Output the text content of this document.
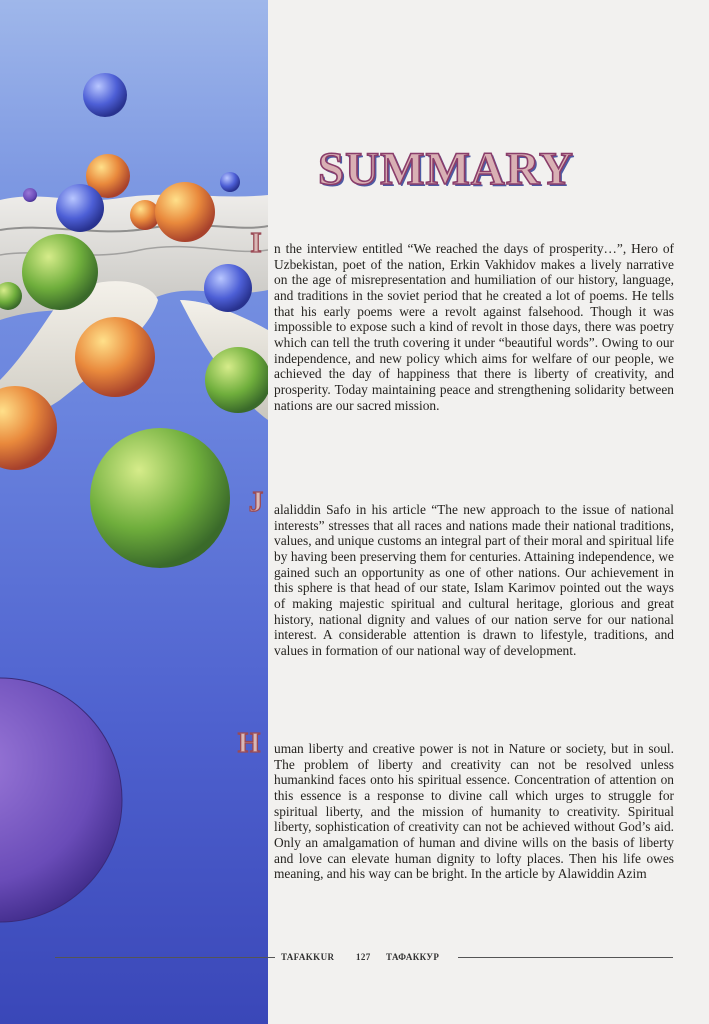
SUMMARY
I n the interview entitled “We reached the days of prosperity…”, Hero of Uzbekistan, poet of the nation, Erkin Vakhidov makes a lively narrative on the age of misrepresentation and humiliation of our history, language, and traditions in the soviet period that he created a lot of poems. He tells that his early poems were a revolt against falsehood. Though it was impossible to expose such a kind of revolt in those days, there was poetry which can tell the truth covering it under “beautiful words”. Owing to our independence, and new policy which aims for welfare of our people, we achieved the day of happiness that there is liberty of creativity, and prosperity. Today maintaining peace and strengthening solidarity between nations are our sacred mission.

J alaliddin Safo in his article “The new approach to the issue of national interests” stresses that all races and nations made their national traditions, values, and unique customs an integral part of their moral and spiritual life by having been preserving them for centuries. Attaining independence, we gained such an opportunity as one of other nations. Our achievement in this sphere is that head of our state, Islam Karimov pointed out the ways of making majestic spiritual and cultural heritage, glorious and great history, national dignity and values of our nation serve for our national interest. A considerable attention is drawn to lifestyle, traditions, and values in formation of our national way of development.

H	uman liberty and creative power is not in Nature or society, but in soul. The problem of liberty and creativity can not be resolved unless humankind faces onto his spiritual essence. Concentration of attention on this essence is a response to divine call which urges to struggle for spiritual liberty, and the mission of humanity to creativity. Spiritual liberty, sophistication of creativity can not be achieved without God’s aid. Only an amalgamation of human and divine wills on the basis of liberty and love can elevate human dignity to lofty places. Then his life owes meaning, and his way can be bright. In the article by Alawiddin Azim

TAFAKKUR 127 ТАФАККУР
